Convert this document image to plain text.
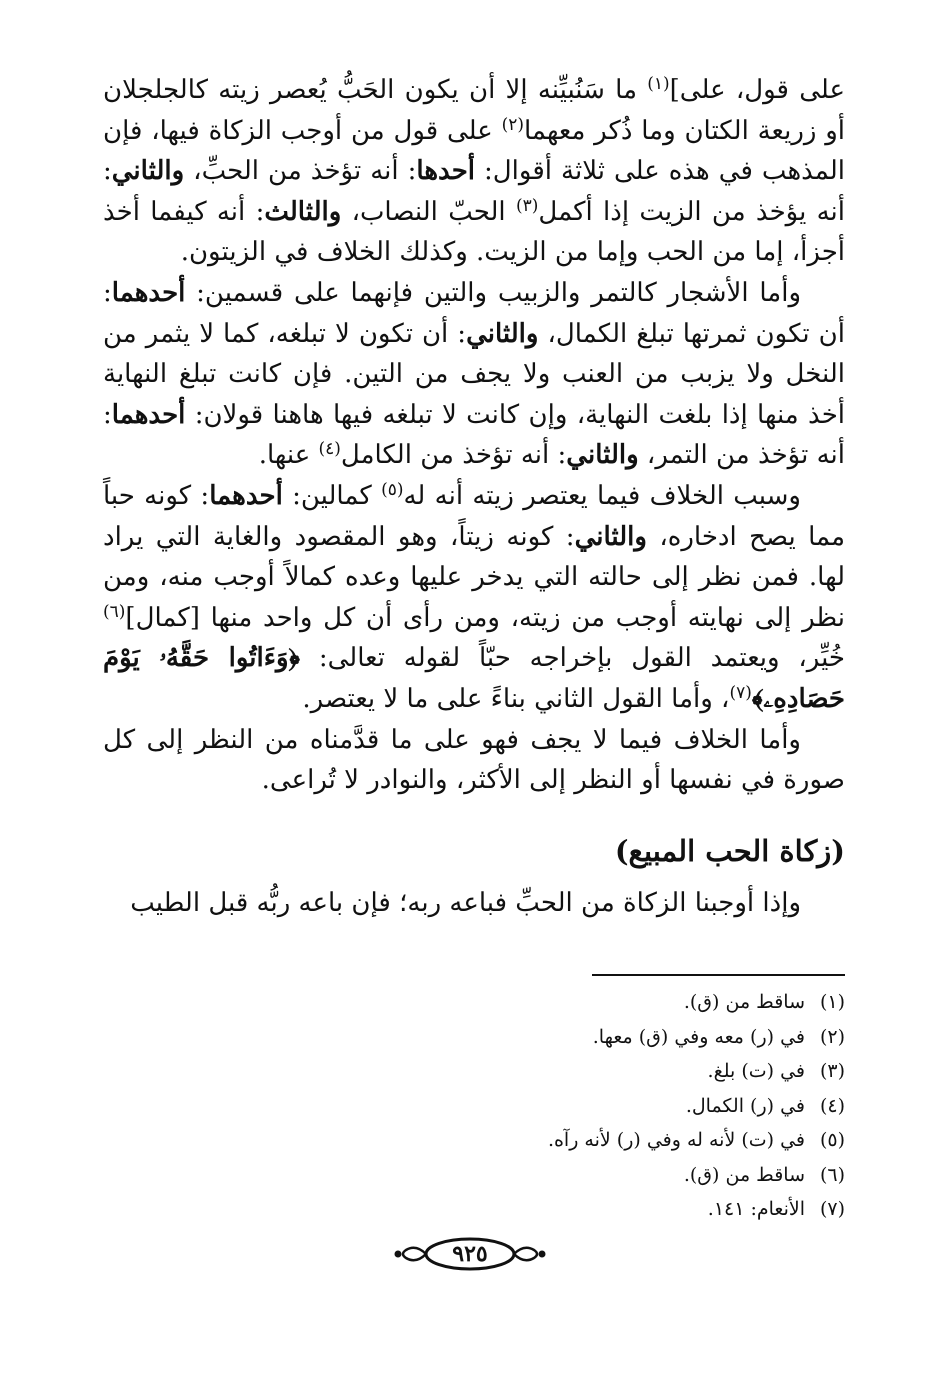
على قول، على]$^{(١)}$ ما سَنُبيِّنه إلا أن يكون الحَبُّ يُعصر زيته كالجلجلان أو زريعة الكتان وما ذُكر معهما$^{(٢)}$ على قول من أوجب الزكاة فيها، فإن المذهب في هذه على ثلاثة أقوال: أحدها: أنه تؤخذ من الحبِّ، والثاني: أنه يؤخذ من الزيت إذا أكمل$^{(٣)}$ الحبّ النصاب، والثالث: أنه كيفما أخذ أجزأ، إما من الحب وإما من الزيت. وكذلك الخلاف في الزيتون.

وأما الأشجار كالتمر والزبيب والتين فإنهما على قسمين: أحدهما: أن تكون ثمرتها تبلغ الكمال، والثاني: أن تكون لا تبلغه، كما لا يثمر من النخل ولا يزبب من العنب ولا يجف من التين. فإن كانت تبلغ النهاية أخذ منها إذا بلغت النهاية، وإن كانت لا تبلغه فيها هاهنا قولان: أحدهما: أنه تؤخذ من التمر، والثاني: أنه تؤخذ من الكامل$^{(٤)}$ عنها.

وسبب الخلاف فيما يعتصر زيته أنه له$^{(٥)}$ كمالين: أحدهما: كونه حباً مما يصح ادخاره، والثاني: كونه زيتاً، وهو المقصود والغاية التي يراد لها. فمن نظر إلى حالته التي يدخر عليها وعده كمالاً أوجب منه، ومن نظر إلى نهايته أوجب من زيته، ومن رأى أن كل واحد منها [كمال]$^{(٦)}$ خُيِّر، ويعتمد القول بإخراجه حبّاً لقوله تعالى: ﴿وَءَاتُوا حَقَّهُۥ يَوْمَ حَصَادِهِۦ﴾$^{(٧)}$، وأما القول الثاني بناءً على ما لا يعتصر.

وأما الخلاف فيما لا يجف فهو على ما قدَّمناه من النظر إلى كل صورة في نفسها أو النظر إلى الأكثر، والنوادر لا تُراعى.

(زكاة الحب المبيع)

وإذا أوجبنا الزكاة من الحبِّ فباعه ربه؛ فإن باعه ربُّه قبل الطيب

(١)ساقط من (ق).
(٢)في (ر) معه وفي (ق) معها.
(٣)في (ت) بلغ.
(٤)في (ر) الكمال.
(٥)في (ت) لأنه له وفي (ر) لأنه رآه.
(٦)ساقط من (ق).
(٧)الأنعام: ١٤١.
٩٢٥
